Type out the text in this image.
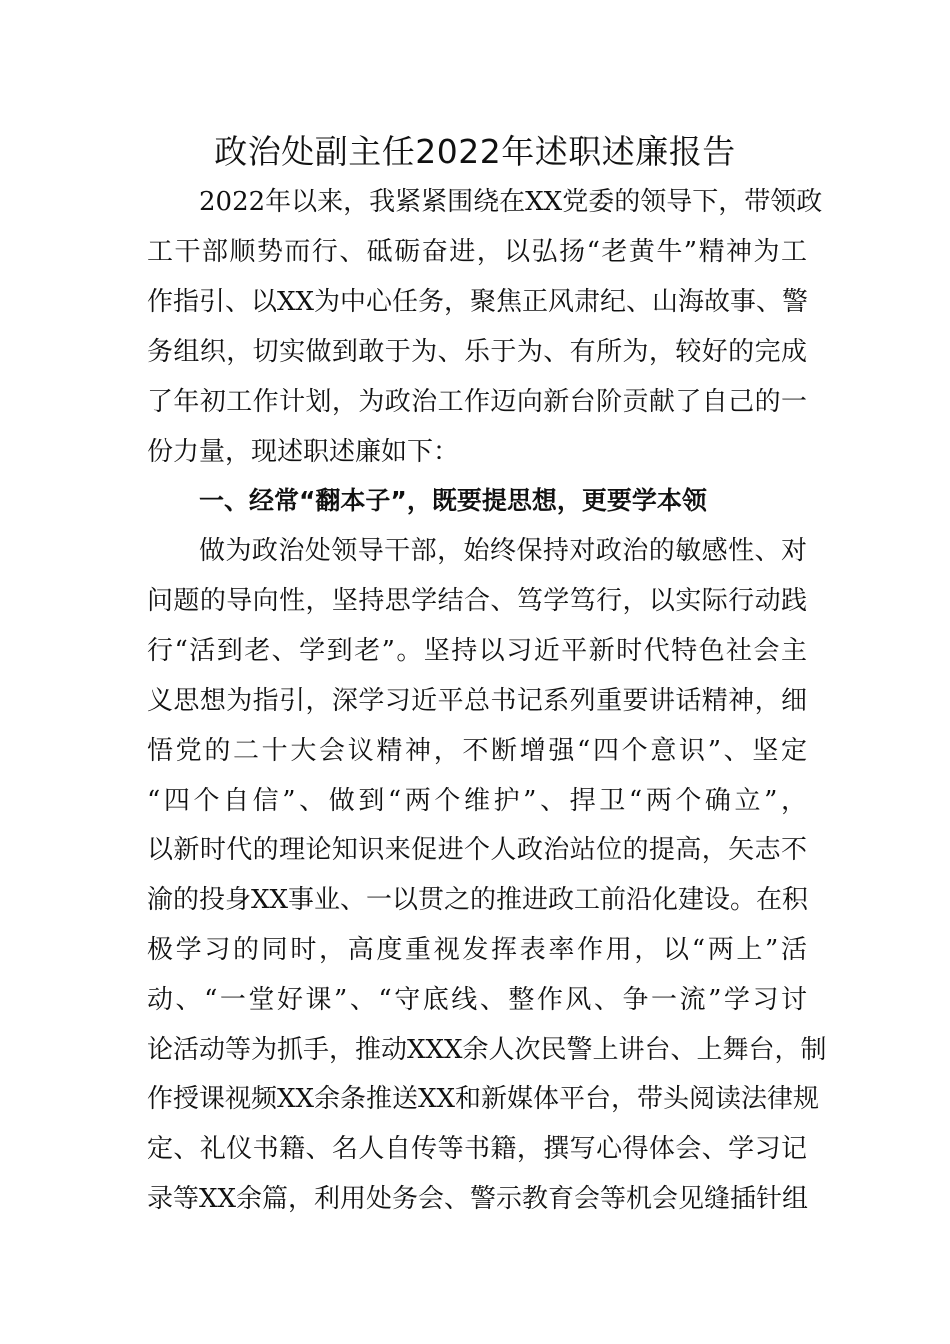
政治处副主任2022年述职述廉报告

2022年以来，我紧紧围绕在XX党委的领导下，带领政

工干部顺势而行、砥砺奋进，以弘扬“老黄牛”精神为工

作指引、以XX为中心任务，聚焦正风肃纪、山海故事、警

务组织，切实做到敢于为、乐于为、有所为，较好的完成

了年初工作计划，为政治工作迈向新台阶贡献了自己的一

份力量，现述职述廉如下：

一、经常“翻本子”，既要提思想，更要学本领

做为政治处领导干部，始终保持对政治的敏感性、对

问题的导向性，坚持思学结合、笃学笃行，以实际行动践

行“活到老、学到老”。坚持以习近平新时代特色社会主

义思想为指引，深学习近平总书记系列重要讲话精神，细

悟党的二十大会议精神，不断增强“四个意识”、坚定

“四个自信”、做到“两个维护”、捍卫“两个确立”，

以新时代的理论知识来促进个人政治站位的提高，矢志不

渝的投身XX事业、一以贯之的推进政工前沿化建设。在积

极学习的同时，高度重视发挥表率作用，以“两上”活

动、“一堂好课”、“守底线、整作风、争一流”学习讨

论活动等为抓手，推动XXX余人次民警上讲台、上舞台，制

作授课视频XX余条推送XX和新媒体平台，带头阅读法律规

定、礼仪书籍、名人自传等书籍，撰写心得体会、学习记

录等XX余篇，利用处务会、警示教育会等机会见缝插针组
